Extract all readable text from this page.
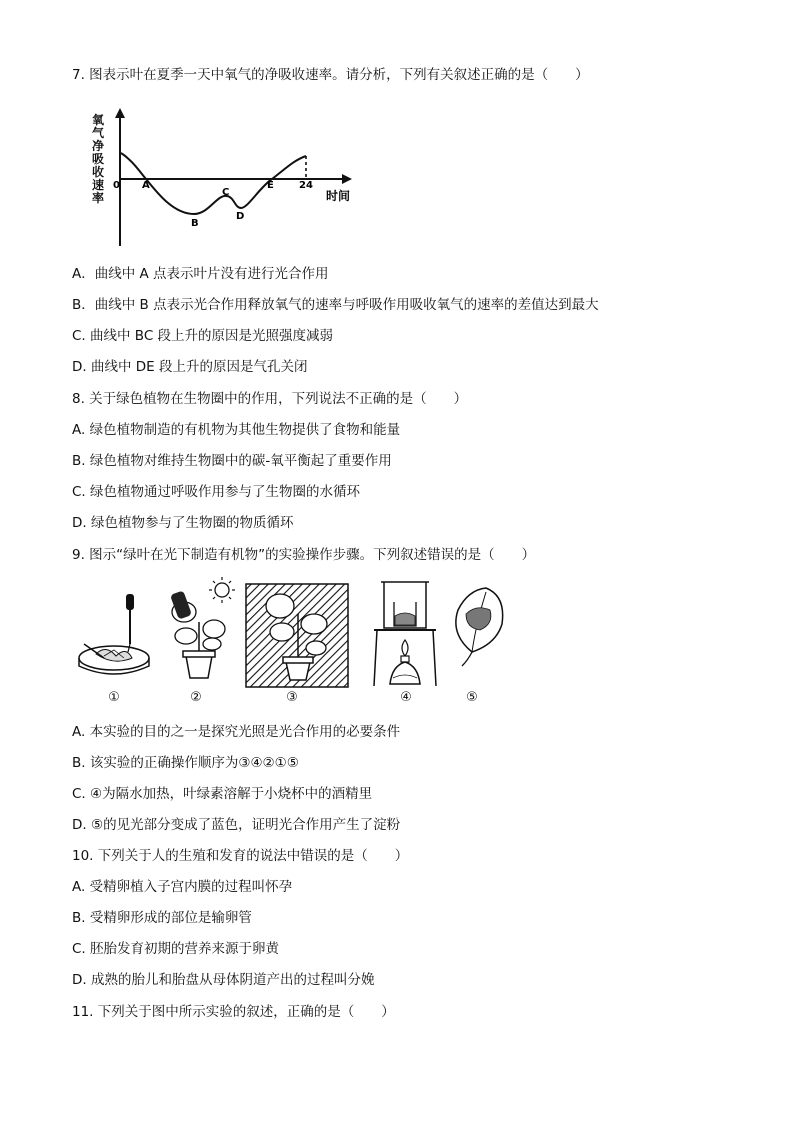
7. 图表示叶在夏季一天中氧气的净吸收速率。请分析，下列有关叙述正确的是（　　）
氧
气
净
吸
收
速
率
0 A
B
C
D
E	24
时间
A．曲线中 A 点表示叶片没有进行光合作用
B．曲线中 B 点表示光合作用释放氧气的速率与呼吸作用吸收氧气的速率的差值达到最大
C. 曲线中 BC 段上升的原因是光照强度减弱
D. 曲线中 DE 段上升的原因是气孔关闭
8. 关于绿色植物在生物圈中的作用，下列说法不正确的是（　　）
A. 绿色植物制造的有机物为其他生物提供了食物和能量
B. 绿色植物对维持生物圈中的碳-氧平衡起了重要作用
C. 绿色植物通过呼吸作用参与了生物圈的水循环
D. 绿色植物参与了生物圈的物质循环
9. 图示“绿叶在光下制造有机物”的实验操作步骤。下列叙述错误的是（　　）
①	②	③	④	⑤
A. 本实验的目的之一是探究光照是光合作用的必要条件
B. 该实验的正确操作顺序为③④②①⑤
C. ④为隔水加热，叶绿素溶解于小烧杯中的酒精里
D. ⑤的见光部分变成了蓝色，证明光合作用产生了淀粉
10. 下列关于人的生殖和发育的说法中错误的是（　　）
A. 受精卵植入子宫内膜的过程叫怀孕
B. 受精卵形成的部位是输卵管
C. 胚胎发育初期的营养来源于卵黄
D. 成熟的胎儿和胎盘从母体阴道产出的过程叫分娩
11. 下列关于图中所示实验的叙述，正确的是（　　）
